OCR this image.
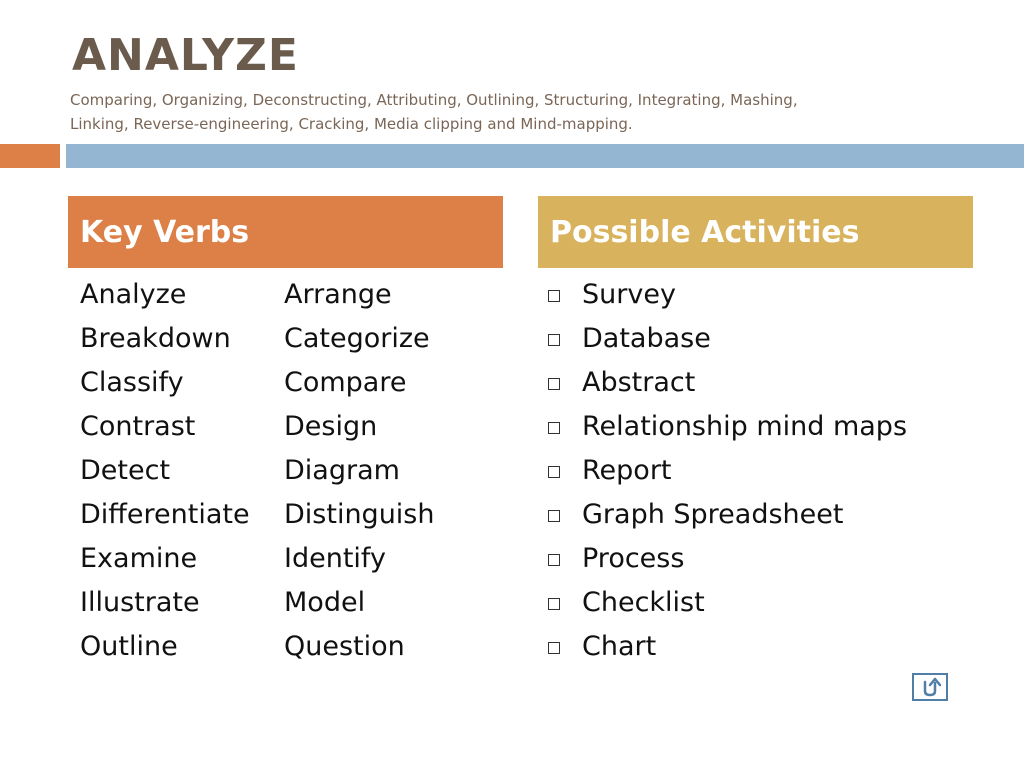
ANALYZE

Comparing, Organizing, Deconstructing, Attributing, Outlining, Structuring, Integrating, Mashing, Linking, Reverse-engineering, Cracking, Media clipping and Mind-mapping.

Key Verbs	Possible Activities
Analyze
Breakdown
Classify
Contrast
Detect
Differentiate
Examine
Illustrate
Outline
Arrange
Categorize
Compare
Design
Diagram
Distinguish
Identify
Model
Question
Survey
Database
Abstract
Relationship mind maps
Report
Graph Spreadsheet
Process
Checklist
Chart
